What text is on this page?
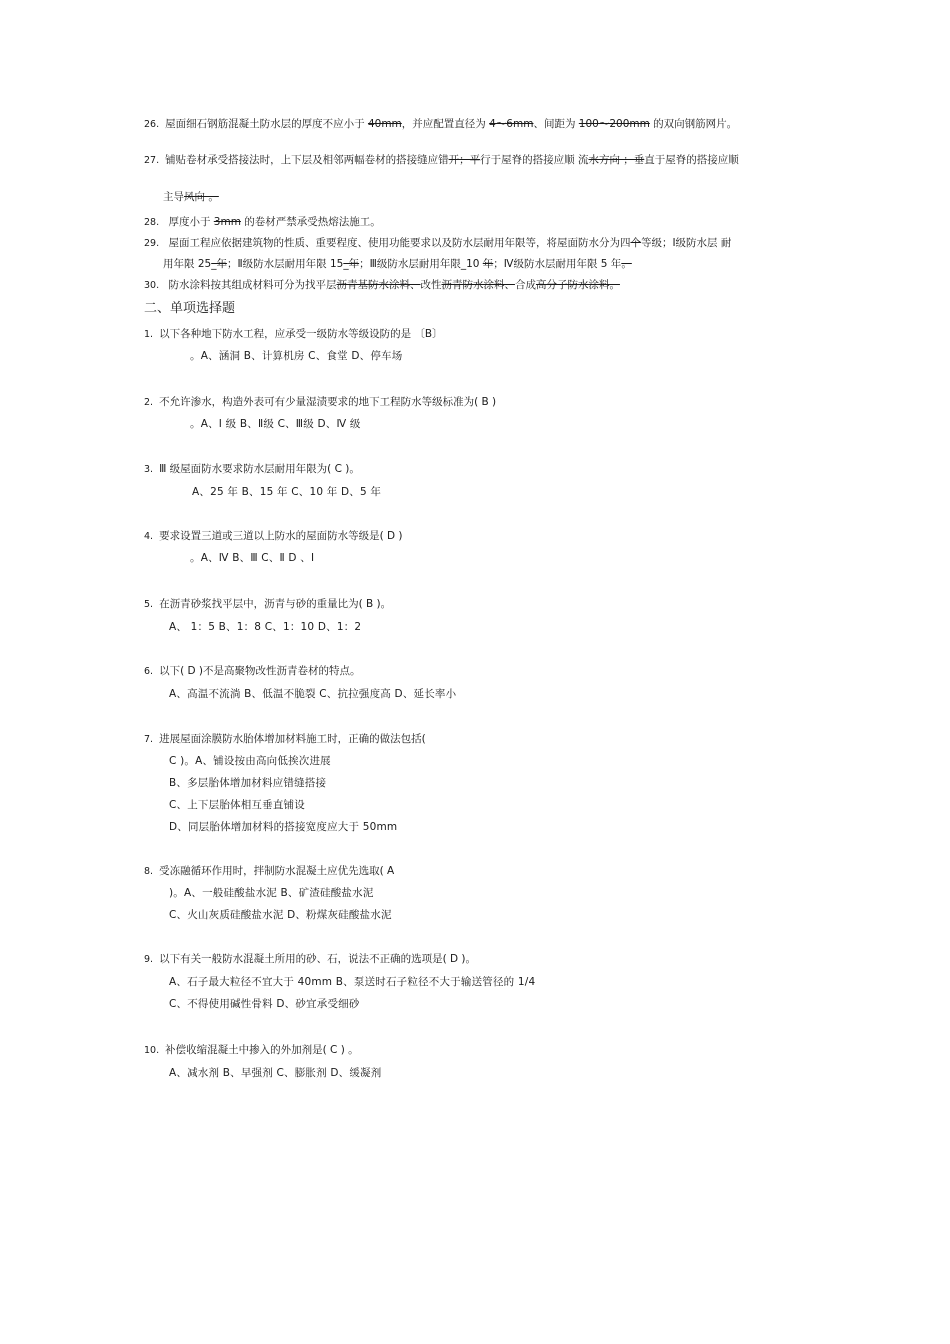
26. 屋面细石钢筋混凝土防水层的厚度不应小于 40mm，并应配置直径为 4～6mm、间距为 100～200mm 的双向钢筋网片。
27. 铺贴卷材承受搭接法时，上下层及相邻两幅卷材的搭接缝应错开；平行于屋脊的搭接应顺 流水方向 ；垂直于屋脊的搭接应顺
主导风向 。
28. 厚度小于 3mm 的卷材严禁承受热熔法施工。
29. 屋面工程应依据建筑物的性质、重要程度、使用功能要求以及防水层耐用年限等，将屋面防水分为四个等级；Ⅰ级防水层 耐
用年限 25_年；Ⅱ级防水层耐用年限 15_年；Ⅲ级防水层耐用年限_10 年；Ⅳ级防水层耐用年限 5 年。
30. 防水涂料按其组成材料可分为找平层沥青基防水涂料、改性沥青防水涂料、合成高分子防水涂料。
二、单项选择题
1. 以下各种地下防水工程，应承受一级防水等级设防的是 〔B〕
。A、涵洞 B、计算机房 C、食堂 D、停车场
2. 不允许渗水，构造外表可有少量湿渍要求的地下工程防水等级标准为( B )
。A、Ⅰ 级 B、Ⅱ级 C、Ⅲ级 D、Ⅳ 级
3. Ⅲ 级屋面防水要求防水层耐用年限为( C )。
A、25 年 B、15 年 C、10 年 D、5 年
4. 要求设置三道或三道以上防水的屋面防水等级是( D )
。A、Ⅳ B、Ⅲ C、Ⅱ D 、Ⅰ
5. 在沥青砂浆找平层中，沥青与砂的重量比为( B )。
A、 1：5 B、1：8 C、1：10 D、1：2
6. 以下( D )不是高聚物改性沥青卷材的特点。
A、高温不流淌 B、低温不脆裂 C、抗拉强度高 D、延长率小
7. 进展屋面涂膜防水胎体增加材料施工时，正确的做法包括(
C )。A、铺设按由高向低挨次进展
B、多层胎体增加材料应错缝搭接
C、上下层胎体相互垂直铺设
D、同层胎体增加材料的搭接宽度应大于 50mm
8. 受冻融循环作用时，拌制防水混凝土应优先选取( A
)。A、一般硅酸盐水泥 B、矿渣硅酸盐水泥
C、火山灰质硅酸盐水泥 D、粉煤灰硅酸盐水泥
9. 以下有关一般防水混凝土所用的砂、石，说法不正确的选项是( D )。
A、石子最大粒径不宜大于 40mm B、泵送时石子粒径不大于输送管径的 1/4
C、不得使用碱性骨料 D、砂宜承受细砂
10. 补偿收缩混凝土中掺入的外加剂是( C ) 。
A、减水剂 B、早强剂 C、膨胀剂 D、缓凝剂
